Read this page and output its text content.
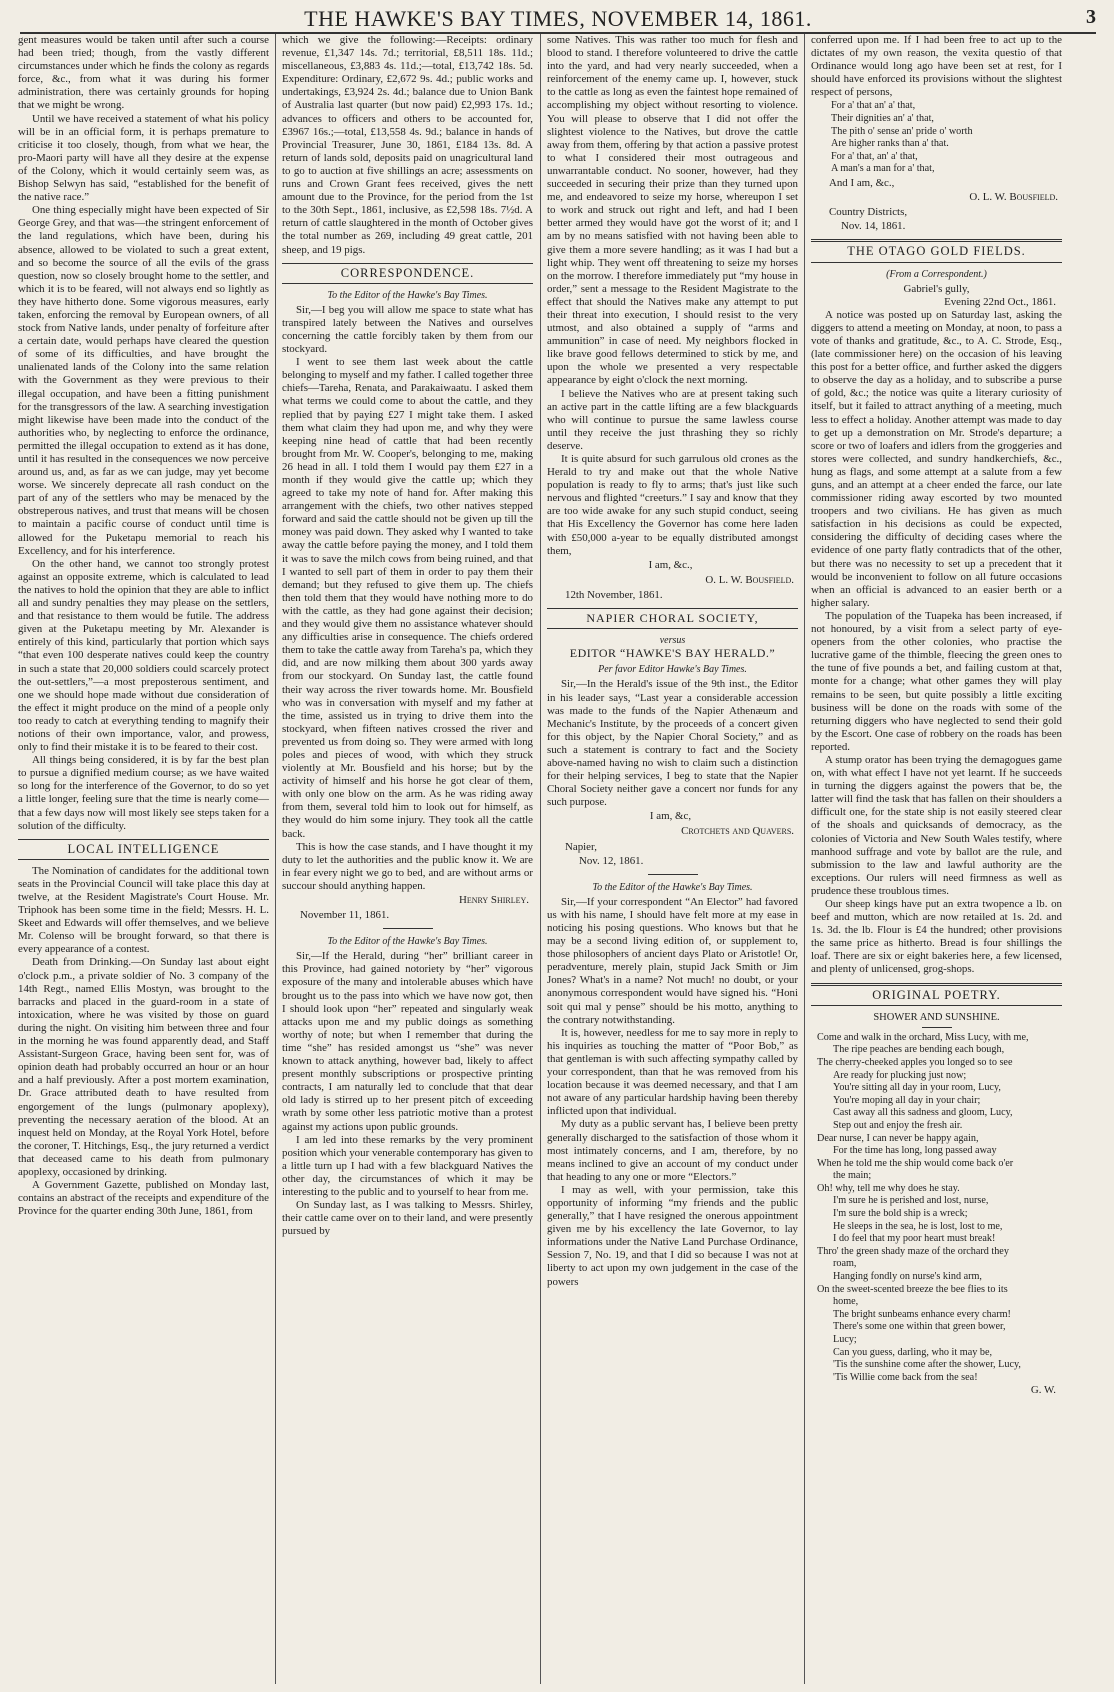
THE HAWKE'S BAY TIMES, NOVEMBER 14, 1861.	3

gent measures would be taken until after such a course had been tried; though, from the vastly different circumstances under which he finds the colony as regards force, &c., from what it was during his former administration, there was certainly grounds for hoping that we might be wrong.

Until we have received a statement of what his policy will be in an official form, it is perhaps premature to criticise it too closely, though, from what we hear, the pro-Maori party will have all they desire at the expense of the Colony, which it would certainly seem was, as Bishop Selwyn has said, “established for the benefit of the native race.”

One thing especially might have been expected of Sir George Grey, and that was—the stringent enforcement of the land regulations, which have been, during his absence, allowed to be violated to such a great extent, and so become the source of all the evils of the grass question, now so closely brought home to the settler, and which it is to be feared, will not always end so lightly as they have hitherto done. Some vigorous measures, early taken, enforcing the removal by European owners, of all stock from Native lands, under penalty of forfeiture after a certain date, would perhaps have cleared the question of some of its difficulties, and have brought the unalienated lands of the Colony into the same relation with the Government as they were previous to their illegal occupation, and have been a fitting punishment for the transgressors of the law. A searching investigation might likewise have been made into the conduct of the authorities who, by neglecting to enforce the ordinance, permitted the illegal occupation to extend as it has done, until it has resulted in the consequences we now perceive around us, and, as far as we can judge, may yet become worse. We sincerely deprecate all rash conduct on the part of any of the settlers who may be menaced by the obstreperous natives, and trust that means will be chosen to maintain a pacific course of conduct until time is allowed for the Puketapu memorial to reach his Excellency, and for his interference.

On the other hand, we cannot too strongly protest against an opposite extreme, which is calculated to lead the natives to hold the opinion that they are able to inflict all and sundry penalties they may please on the settlers, and that resistance to them would be futile. The address given at the Puketapu meeting by Mr. Alexander is entirely of this kind, particularly that portion which says “that even 100 desperate natives could keep the country in such a state that 20,000 soldiers could scarcely protect the out-settlers,”—a most preposterous sentiment, and one we should hope made without due consideration of the effect it might produce on the mind of a people only too ready to catch at everything tending to magnify their notions of their own importance, valor, and prowess, only to find their mistake it is to be feared to their cost.

All things being considered, it is by far the best plan to pursue a dignified medium course; as we have waited so long for the interference of the Governor, to do so yet a little longer, feeling sure that the time is nearly come—that a few days now will most likely see steps taken for a solution of the difficulty.

LOCAL INTELLIGENCE

The Nomination of candidates for the additional town seats in the Provincial Council will take place this day at twelve, at the Resident Magistrate's Court House. Mr. Triphook has been some time in the field; Messrs. H. L. Skeet and Edwards will offer themselves, and we believe Mr. Colenso will be brought forward, so that there is every appearance of a contest.

Death from Drinking.—On Sunday last about eight o'clock p.m., a private soldier of No. 3 company of the 14th Regt., named Ellis Mostyn, was brought to the barracks and placed in the guard-room in a state of intoxication, where he was visited by those on guard during the night. On visiting him between three and four in the morning he was found apparently dead, and Staff Assistant-Surgeon Grace, having been sent for, was of opinion death had probably occurred an hour or an hour and a half previously. After a post mortem examination, Dr. Grace attributed death to have resulted from engorgement of the lungs (pulmonary apoplexy), preventing the necessary aeration of the blood. At an inquest held on Monday, at the Royal York Hotel, before the coroner, T. Hitchings, Esq., the jury returned a verdict that deceased came to his death from pulmonary apoplexy, occasioned by drinking.

A Government Gazette, published on Monday last, contains an abstract of the receipts and expenditure of the Province for the quarter ending 30th June, 1861, from

which we give the following:—Receipts: ordinary revenue, £1,347 14s. 7d.; territorial, £8,511 18s. 11d.; miscellaneous, £3,883 4s. 11d.;—total, £13,742 18s. 5d. Expenditure: Ordinary, £2,672 9s. 4d.; public works and undertakings, £3,924 2s. 4d.; balance due to Union Bank of Australia last quarter (but now paid) £2,993 17s. 1d.; advances to officers and others to be accounted for, £3967 16s.;—total, £13,558 4s. 9d.; balance in hands of Provincial Treasurer, June 30, 1861, £184 13s. 8d. A return of lands sold, deposits paid on unagricultural land to go to auction at five shillings an acre; assessments on runs and Crown Grant fees received, gives the nett amount due to the Province, for the period from the 1st to the 30th Sept., 1861, inclusive, as £2,598 18s. 7½d. A return of cattle slaughtered in the month of October gives the total number as 269, including 49 great cattle, 201 sheep, and 19 pigs.

CORRESPONDENCE.
To the Editor of the Hawke's Bay Times.

Sir,—I beg you will allow me space to state what has transpired lately between the Natives and ourselves concerning the cattle forcibly taken by them from our stockyard.

I went to see them last week about the cattle belonging to myself and my father. I called together three chiefs—Tareha, Renata, and Parakaiwaatu. I asked them what terms we could come to about the cattle, and they replied that by paying £27 I might take them. I asked them what claim they had upon me, and why they were keeping nine head of cattle that had been recently brought from Mr. W. Cooper's, belonging to me, making 26 head in all. I told them I would pay them £27 in a month if they would give the cattle up; which they agreed to take my note of hand for. After making this arrangement with the chiefs, two other natives stepped forward and said the cattle should not be given up till the money was paid down. They asked why I wanted to take away the cattle before paying the money, and I told them it was to save the milch cows from being ruined, and that I wanted to sell part of them in order to pay them their demand; but they refused to give them up. The chiefs then told them that they would have nothing more to do with the cattle, as they had gone against their decision; and they would give them no assistance whatever should any difficulties arise in consequence. The chiefs ordered them to take the cattle away from Tareha's pa, which they did, and are now milking them about 300 yards away from our stockyard. On Sunday last, the cattle found their way across the river towards home. Mr. Bousfield who was in conversation with myself and my father at the time, assisted us in trying to drive them into the stockyard, when fifteen natives crossed the river and prevented us from doing so. They were armed with long poles and pieces of wood, with which they struck violently at Mr. Bousfield and his horse; but by the activity of himself and his horse he got clear of them, with only one blow on the arm. As he was riding away from them, several told him to look out for himself, as they would do him some injury. They took all the cattle back.

This is how the case stands, and I have thought it my duty to let the authorities and the public know it. We are in fear every night we go to bed, and are without arms or succour should anything happen.

Henry Shirley.
November 11, 1861.
To the Editor of the Hawke's Bay Times.

Sir,—If the Herald, during “her” brilliant career in this Province, had gained notoriety by “her” vigorous exposure of the many and intolerable abuses which have brought us to the pass into which we have now got, then I should look upon “her” repeated and singularly weak attacks upon me and my public doings as something worthy of note; but when I remember that during the time “she” has resided amongst us “she” was never known to attack anything, however bad, likely to affect present monthly subscriptions or prospective printing contracts, I am naturally led to conclude that that dear old lady is stirred up to her present pitch of exceeding wrath by some other less patriotic motive than a protest against my actions upon public grounds.

I am led into these remarks by the very prominent position which your venerable contemporary has given to a little turn up I had with a few blackguard Natives the other day, the circumstances of which it may be interesting to the public and to yourself to hear from me.

On Sunday last, as I was talking to Messrs. Shirley, their cattle came over on to their land, and were presently pursued by

some Natives. This was rather too much for flesh and blood to stand. I therefore volunteered to drive the cattle into the yard, and had very nearly succeeded, when a reinforcement of the enemy came up. I, however, stuck to the cattle as long as even the faintest hope remained of accomplishing my object without resorting to violence. You will please to observe that I did not offer the slightest violence to the Natives, but drove the cattle away from them, offering by that action a passive protest to what I considered their most outrageous and unwarrantable conduct. No sooner, however, had they succeeded in securing their prize than they turned upon me, and endeavored to seize my horse, whereupon I set to work and struck out right and left, and had I been better armed they would have got the worst of it; and I am by no means satisfied with not having been able to give them a more severe handling; as it was I had but a light whip. They went off threatening to seize my horses on the morrow. I therefore immediately put “my house in order,” sent a message to the Resident Magistrate to the effect that should the Natives make any attempt to put their threat into execution, I should resist to the very utmost, and also obtained a supply of “arms and ammunition” in case of need. My neighbors flocked in like brave good fellows determined to stick by me, and upon the whole we presented a very respectable appearance by eight o'clock the next morning.

I believe the Natives who are at present taking such an active part in the cattle lifting are a few blackguards who will continue to pursue the same lawless course until they receive the just thrashing they so richly deserve.

It is quite absurd for such garrulous old crones as the Herald to try and make out that the whole Native population is ready to fly to arms; that's just like such nervous and flighted “creeturs.” I say and know that they are too wide awake for any such stupid conduct, seeing that His Excellency the Governor has come here laden with £50,000 a-year to be equally distributed amongst them,

I am, &c.,
O. L. W. Bousfield.
12th November, 1861.
NAPIER CHORAL SOCIETY,
versus
EDITOR “HAWKE'S BAY HERALD.”
Per favor Editor Hawke's Bay Times.

Sir,—In the Herald's issue of the 9th inst., the Editor in his leader says, “Last year a considerable accession was made to the funds of the Napier Athenæum and Mechanic's Institute, by the proceeds of a concert given for this object, by the Napier Choral Society,” and as such a statement is contrary to fact and the Society above-named having no wish to claim such a distinction for their helping services, I beg to state that the Napier Choral Society neither gave a concert nor funds for any such purpose.

I am, &c,
Crotchets and Quavers.
Napier,
Nov. 12, 1861.
To the Editor of the Hawke's Bay Times.

Sir,—If your correspondent “An Elector” had favored us with his name, I should have felt more at my ease in noticing his posing questions. Who knows but that he may be a second living edition of, or supplement to, those philosophers of ancient days Plato or Aristotle! Or, peradventure, merely plain, stupid Jack Smith or Jim Jones? What's in a name? Not much! no doubt, or your anonymous correspondent would have signed his. “Honi soit qui mal y pense” should be his motto, anything to the contrary notwithstanding.

It is, however, needless for me to say more in reply to his inquiries as touching the matter of “Poor Bob,” as that gentleman is with such affecting sympathy called by your correspondent, than that he was removed from his location because it was deemed necessary, and that I am not aware of any particular hardship having been thereby inflicted upon that individual.

My duty as a public servant has, I believe been pretty generally discharged to the satisfaction of those whom it most intimately concerns, and I am, therefore, by no means inclined to give an account of my conduct under that heading to any one or more “Electors.”

I may as well, with your permission, take this opportunity of informing “my friends and the public generally,” that I have resigned the onerous appointment given me by his excellency the late Governor, to lay informations under the Native Land Purchase Ordinance, Session 7, No. 19, and that I did so because I was not at liberty to act upon my own judgement in the case of the powers

conferred upon me. If I had been free to act up to the dictates of my own reason, the vexita questio of that Ordinance would long ago have been set at rest, for I should have enforced its provisions without the slightest respect of persons,

For a' that an' a' that,
Their dignities an' a' that,
The pith o' sense an' pride o' worth
Are higher ranks than a' that.
For a' that, an' a' that,
A man's a man for a' that,
And I am, &c.,
O. L. W. Bousfield.
Country Districts,
Nov. 14, 1861.
THE OTAGO GOLD FIELDS.
(From a Correspondent.)
Gabriel's gully,
Evening 22nd Oct., 1861.

A notice was posted up on Saturday last, asking the diggers to attend a meeting on Monday, at noon, to pass a vote of thanks and gratitude, &c., to A. C. Strode, Esq., (late commissioner here) on the occasion of his leaving this post for a better office, and further asked the diggers to observe the day as a holiday, and to subscribe a purse of gold, &c.; the notice was quite a literary curiosity of itself, but it failed to attract anything of a meeting, much less to effect a holiday. Another attempt was made to day to get up a demonstration on Mr. Strode's departure; a score or two of loafers and idlers from the groggeries and stores were collected, and sundry handkerchiefs, &c., hung as flags, and some attempt at a salute from a few guns, and an attempt at a cheer ended the farce, our late commissioner riding away escorted by two mounted troopers and two civilians. He has given as much satisfaction in his decisions as could be expected, considering the difficulty of deciding cases where the evidence of one party flatly contradicts that of the other, but there was no necessity to set up a precedent that it would be inconvenient to follow on all future occasions when an official is advanced to an easier berth or a higher salary.

The population of the Tuapeka has been increased, if not honoured, by a visit from a select party of eye-openers from the other colonies, who practise the lucrative game of the thimble, fleecing the green ones to the tune of five pounds a bet, and failing custom at that, monte for a change; what other games they will play remains to be seen, but quite possibly a little exciting business will be done on the roads with some of the returning diggers who have neglected to send their gold by the Escort. One case of robbery on the roads has been reported.

A stump orator has been trying the demagogues game on, with what effect I have not yet learnt. If he succeeds in turning the diggers against the powers that be, the latter will find the task that has fallen on their shoulders a difficult one, for the state ship is not easily steered clear of the shoals and quicksands of democracy, as the colonies of Victoria and New South Wales testify, where manhood suffrage and vote by ballot are the rule, and submission to the law and lawful authority are the exceptions. Our rulers will need firmness as well as prudence these troublous times.

Our sheep kings have put an extra twopence a lb. on beef and mutton, which are now retailed at 1s. 2d. and 1s. 3d. the lb. Flour is £4 the hundred; other provisions the same price as hitherto. Bread is four shillings the loaf. There are six or eight bakeries here, a few licensed, and plenty of unlicensed, grog-shops.

ORIGINAL POETRY.
SHOWER AND SUNSHINE.
Come and walk in the orchard, Miss Lucy, with me,
The ripe peaches are bending each bough,
The cherry-cheeked apples you longed so to see
Are ready for plucking just now;
You're sitting all day in your room, Lucy,
You're moping all day in your chair;
Cast away all this sadness and gloom, Lucy,
Step out and enjoy the fresh air.
Dear nurse, I can never be happy again,
For the time has long, long passed away
When he told me the ship would come back o'er
the main;
Oh! why, tell me why does he stay.
I'm sure he is perished and lost, nurse,
I'm sure the bold ship is a wreck;
He sleeps in the sea, he is lost, lost to me,
I do feel that my poor heart must break!
Thro' the green shady maze of the orchard they
roam,
Hanging fondly on nurse's kind arm,
On the sweet-scented breeze the bee flies to its
home,
The bright sunbeams enhance every charm!
There's some one within that green bower,
Lucy;
Can you guess, darling, who it may be,
'Tis the sunshine come after the shower, Lucy,
'Tis Willie come back from the sea!
G. W.
